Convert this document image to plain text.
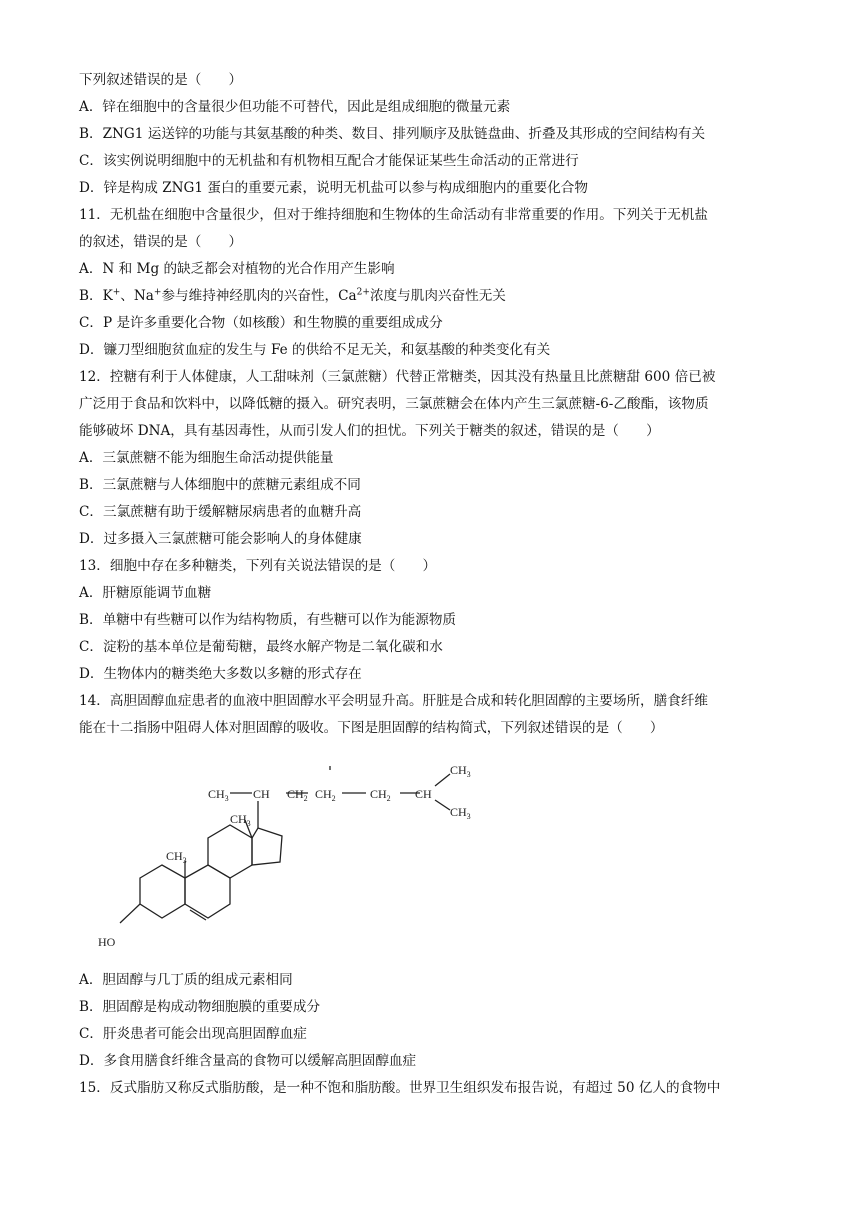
下列叙述错误的是（　　）
A．锌在细胞中的含量很少但功能不可替代，因此是组成细胞的微量元素
B．ZNG1 运送锌的功能与其氨基酸的种类、数目、排列顺序及肽链盘曲、折叠及其形成的空间结构有关
C．该实例说明细胞中的无机盐和有机物相互配合才能保证某些生命活动的正常进行
D．锌是构成 ZNG1 蛋白的重要元素，说明无机盐可以参与构成细胞内的重要化合物
11．无机盐在细胞中含量很少，但对于维持细胞和生物体的生命活动有非常重要的作用。下列关于无机盐
的叙述，错误的是（　　）
A．N 和 Mg 的缺乏都会对植物的光合作用产生影响
B．K+、Na+参与维持神经肌肉的兴奋性，$Ca^{2+}$浓度与肌肉兴奋性无关
C．P 是许多重要化合物（如核酸）和生物膜的重要组成成分
D．镰刀型细胞贫血症的发生与 Fe 的供给不足无关，和氨基酸的种类变化有关
12．控糖有利于人体健康，人工甜味剂（三氯蔗糖）代替正常糖类，因其没有热量且比蔗糖甜 600 倍已被
广泛用于食品和饮料中，以降低糖的摄入。研究表明，三氯蔗糖会在体内产生三氯蔗糖-6-乙酸酯，该物质
能够破坏 DNA，具有基因毒性，从而引发人们的担忧。下列关于糖类的叙述，错误的是（　　）
A．三氯蔗糖不能为细胞生命活动提供能量
B．三氯蔗糖与人体细胞中的蔗糖元素组成不同
C．三氯蔗糖有助于缓解糖尿病患者的血糖升高
D．过多摄入三氯蔗糖可能会影响人的身体健康
13．细胞中存在多种糖类，下列有关说法错误的是（　　）
A．肝糖原能调节血糖
B．单糖中有些糖可以作为结构物质，有些糖可以作为能源物质
C．淀粉的基本单位是葡萄糖，最终水解产物是二氧化碳和水
D．生物体内的糖类绝大多数以多糖的形式存在
14．高胆固醇血症患者的血液中胆固醇水平会明显升高。肝脏是合成和转化胆固醇的主要场所，膳食纤维
能在十二指肠中阻碍人体对胆固醇的吸收。下图是胆固醇的结构简式，下列叙述错误的是（　　）
$CH_3$ CH $CH_2$ $CH_2$	$CH_2$ CH
$CH_3$
$CH_3$
$CH_3$
$CH_3$
HO
A．胆固醇与几丁质的组成元素相同
B．胆固醇是构成动物细胞膜的重要成分
C．肝炎患者可能会出现高胆固醇血症
D．多食用膳食纤维含量高的食物可以缓解高胆固醇血症
15．反式脂肪又称反式脂肪酸，是一种不饱和脂肪酸。世界卫生组织发布报告说，有超过 50 亿人的食物中
